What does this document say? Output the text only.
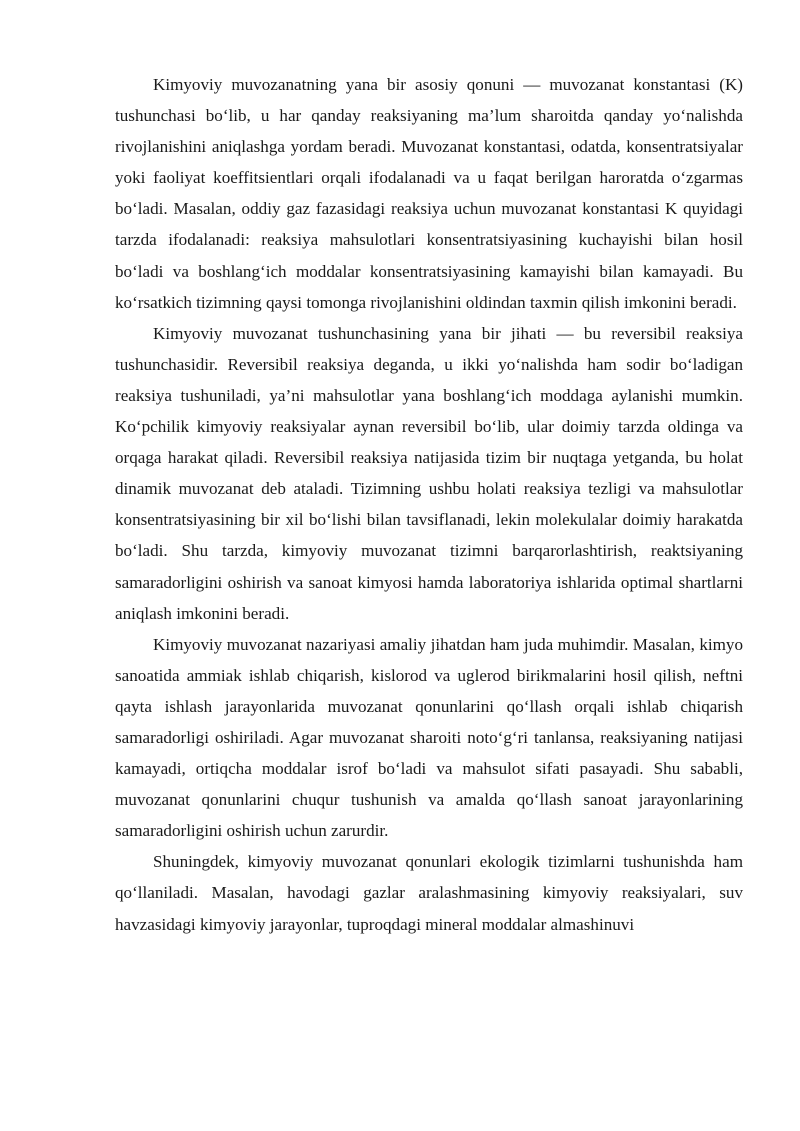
Kimyoviy muvozanatning yana bir asosiy qonuni — muvozanat konstantasi (K) tushunchasi bo‘lib, u har qanday reaksiyaning ma’lum sharoitda qanday yo‘nalishda rivojlanishini aniqlashga yordam beradi. Muvozanat konstantasi, odatda, konsentratsiyalar yoki faoliyat koeffitsientlari orqali ifodalanadi va u faqat berilgan haroratda o‘zgarmas bo‘ladi. Masalan, oddiy gaz fazasidagi reaksiya uchun muvozanat konstantasi K quyidagi tarzda ifodalanadi: reaksiya mahsulotlari konsentratsiyasining kuchayishi bilan hosil bo‘ladi va boshlang‘ich moddalar konsentratsiyasining kamayishi bilan kamayadi. Bu ko‘rsatkich tizimning qaysi tomonga rivojlanishini oldindan taxmin qilish imkonini beradi.

Kimyoviy muvozanat tushunchasining yana bir jihati — bu reversibil reaksiya tushunchasidir. Reversibil reaksiya deganda, u ikki yo‘nalishda ham sodir bo‘ladigan reaksiya tushuniladi, ya’ni mahsulotlar yana boshlang‘ich moddaga aylanishi mumkin. Ko‘pchilik kimyoviy reaksiyalar aynan reversibil bo‘lib, ular doimiy tarzda oldinga va orqaga harakat qiladi. Reversibil reaksiya natijasida tizim bir nuqtaga yetganda, bu holat dinamik muvozanat deb ataladi. Tizimning ushbu holati reaksiya tezligi va mahsulotlar konsentratsiyasining bir xil bo‘lishi bilan tavsiflanadi, lekin molekulalar doimiy harakatda bo‘ladi. Shu tarzda, kimyoviy muvozanat tizimni barqarorlashtirish, reaktsiyaning samaradorligini oshirish va sanoat kimyosi hamda laboratoriya ishlarida optimal shartlarni aniqlash imkonini beradi.

Kimyoviy muvozanat nazariyasi amaliy jihatdan ham juda muhimdir. Masalan, kimyo sanoatida ammiak ishlab chiqarish, kislorod va uglerod birikmalarini hosil qilish, neftni qayta ishlash jarayonlarida muvozanat qonunlarini qo‘llash orqali ishlab chiqarish samaradorligi oshiriladi. Agar muvozanat sharoiti noto‘g‘ri tanlansa, reaksiyaning natijasi kamayadi, ortiqcha moddalar isrof bo‘ladi va mahsulot sifati pasayadi. Shu sababli, muvozanat qonunlarini chuqur tushunish va amalda qo‘llash sanoat jarayonlarining samaradorligini oshirish uchun zarurdir.

Shuningdek, kimyoviy muvozanat qonunlari ekologik tizimlarni tushunishda ham qo‘llaniladi. Masalan, havodagi gazlar aralashmasining kimyoviy reaksiyalari, suv havzasidagi kimyoviy jarayonlar, tuproqdagi mineral moddalar almashinuvi
